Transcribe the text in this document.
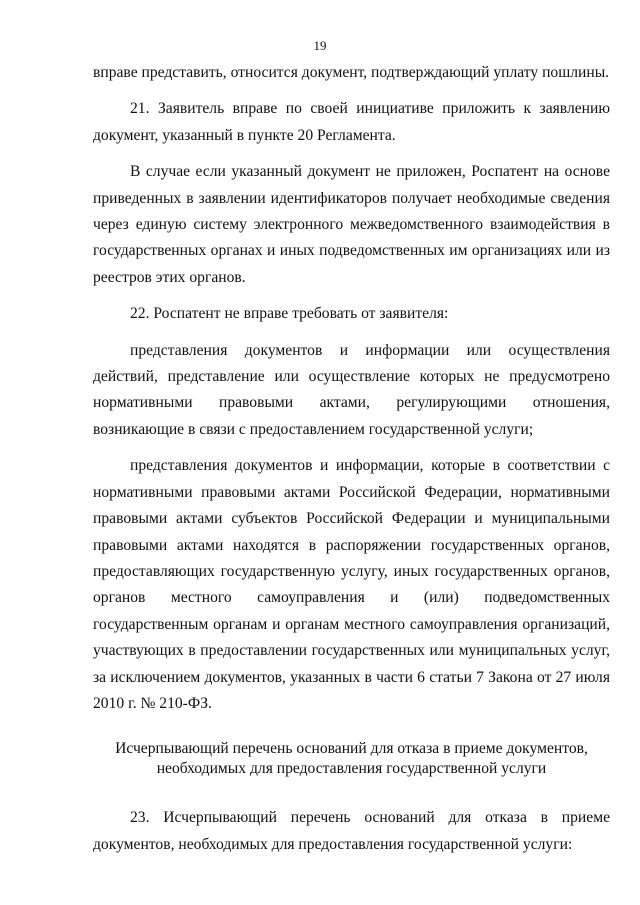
19

вправе представить, относится документ, подтверждающий уплату пошлины.

21. Заявитель вправе по своей инициативе приложить к заявлению документ, указанный в пункте 20 Регламента.

В случае если указанный документ не приложен, Роспатент на основе приведенных в заявлении идентификаторов получает необходимые сведения через единую систему электронного межведомственного взаимодействия в государственных органах и иных подведомственных им организациях или из реестров этих органов.

22. Роспатент не вправе требовать от заявителя:

представления документов и информации или осуществления действий, представление или осуществление которых не предусмотрено нормативными правовыми актами, регулирующими отношения, возникающие в связи с предоставлением государственной услуги;

представления документов и информации, которые в соответствии с нормативными правовыми актами Российской Федерации, нормативными правовыми актами субъектов Российской Федерации и муниципальными правовыми актами находятся в распоряжении государственных органов, предоставляющих государственную услугу, иных государственных органов, органов местного самоуправления и (или) подведомственных государственным органам и органам местного самоуправления организаций, участвующих в предоставлении государственных или муниципальных услуг, за исключением документов, указанных в части 6 статьи 7 Закона от 27 июля 2010 г. № 210-ФЗ.

Исчерпывающий перечень оснований для отказа в приеме документов,
необходимых для предоставления государственной услуги

23. Исчерпывающий перечень оснований для отказа в приеме документов, необходимых для предоставления государственной услуги:
